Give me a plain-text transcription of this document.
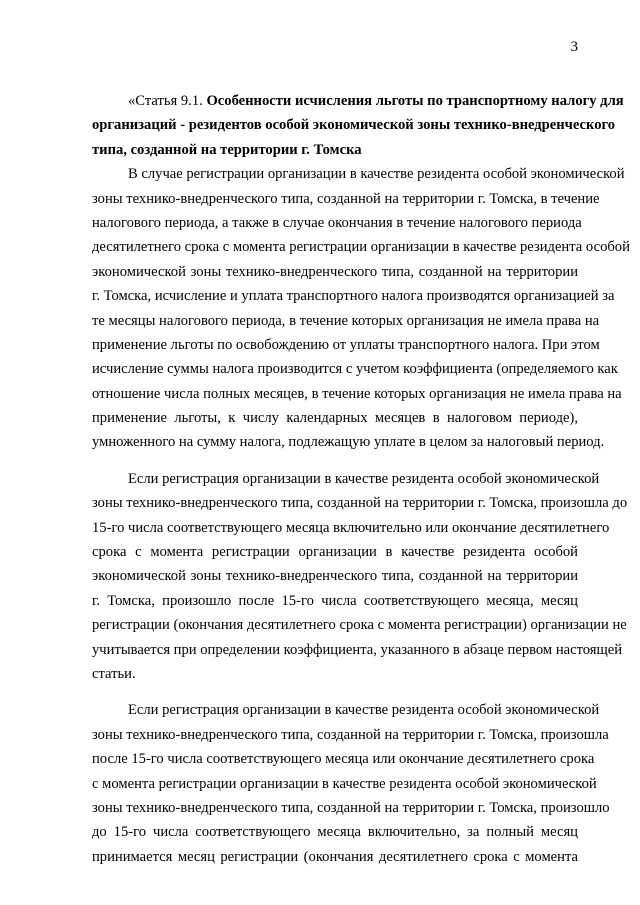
3
«Статья 9.1. Особенности исчисления льготы по транспортному налогу для
организаций - резидентов особой экономической зоны технико-внедренческого
типа, созданной на территории г. Томска
В случае регистрации организации в качестве резидента особой экономической
зоны технико-внедренческого типа, созданной на территории г. Томска, в течение
налогового периода, а также в случае окончания в течение налогового периода
десятилетнего срока с момента регистрации организации в качестве резидента особой
экономической зоны технико-внедренческого типа, созданной на территории
г. Томска, исчисление и уплата транспортного налога производятся организацией за
те месяцы налогового периода, в течение которых организация не имела права на
применение льготы по освобождению от уплаты транспортного налога. При этом
исчисление суммы налога производится с учетом коэффициента (определяемого как
отношение числа полных месяцев, в течение которых организация не имела права на
применение льготы, к числу календарных месяцев в налоговом периоде),
умноженного на сумму налога, подлежащую уплате в целом за налоговый период.
Если регистрация организации в качестве резидента особой экономической
зоны технико-внедренческого типа, созданной на территории г. Томска, произошла до
15-го числа соответствующего месяца включительно или окончание десятилетнего
срока с момента регистрации организации в качестве резидента особой
экономической зоны технико-внедренческого типа, созданной на территории
г. Томска, произошло после 15-го числа соответствующего месяца, месяц
регистрации (окончания десятилетнего срока с момента регистрации) организации не
учитывается при определении коэффициента, указанного в абзаце первом настоящей
статьи.
Если регистрация организации в качестве резидента особой экономической
зоны технико-внедренческого типа, созданной на территории г. Томска, произошла
после 15-го числа соответствующего месяца или окончание десятилетнего срока
с момента регистрации организации в качестве резидента особой экономической
зоны технико-внедренческого типа, созданной на территории г. Томска, произошло
до 15-го числа соответствующего месяца включительно, за полный месяц
принимается месяц регистрации (окончания десятилетнего срока с момента
